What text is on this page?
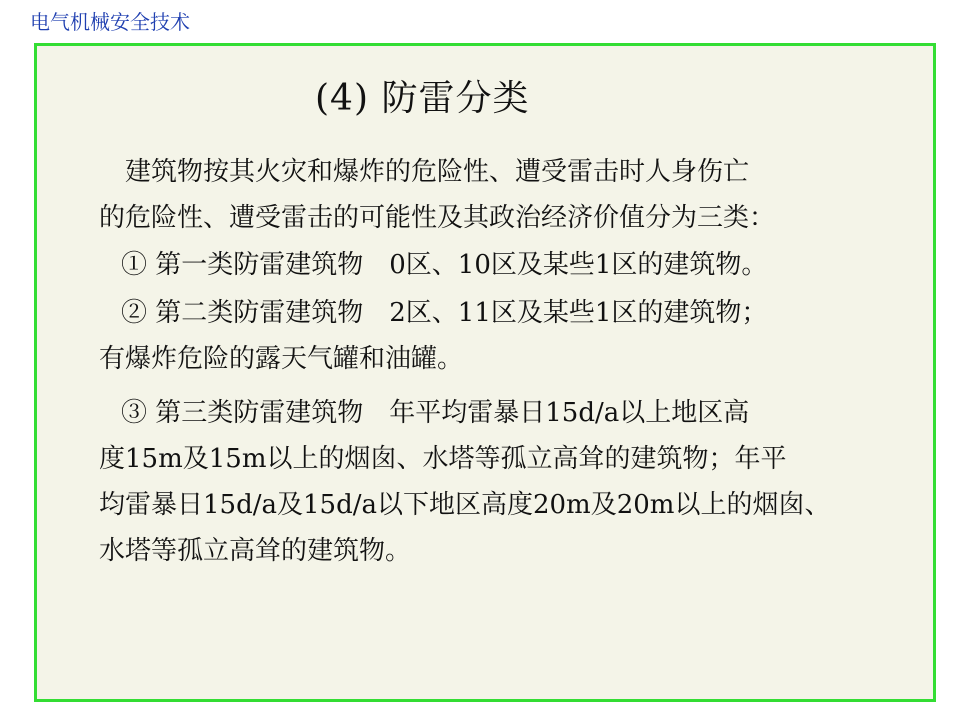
电气机械安全技术
(4) 防雷分类
建筑物按其火灾和爆炸的危险性、遭受雷击时人身伤亡
的危险性、遭受雷击的可能性及其政治经济价值分为三类：
① 第一类防雷建筑物　0区、10区及某些1区的建筑物。
② 第二类防雷建筑物　2区、11区及某些1区的建筑物；
有爆炸危险的露天气罐和油罐。
③ 第三类防雷建筑物　年平均雷暴日15d/a以上地区高
度15m及15m以上的烟囱、水塔等孤立高耸的建筑物；年平
均雷暴日15d/a及15d/a以下地区高度20m及20m以上的烟囱、
水塔等孤立高耸的建筑物。
